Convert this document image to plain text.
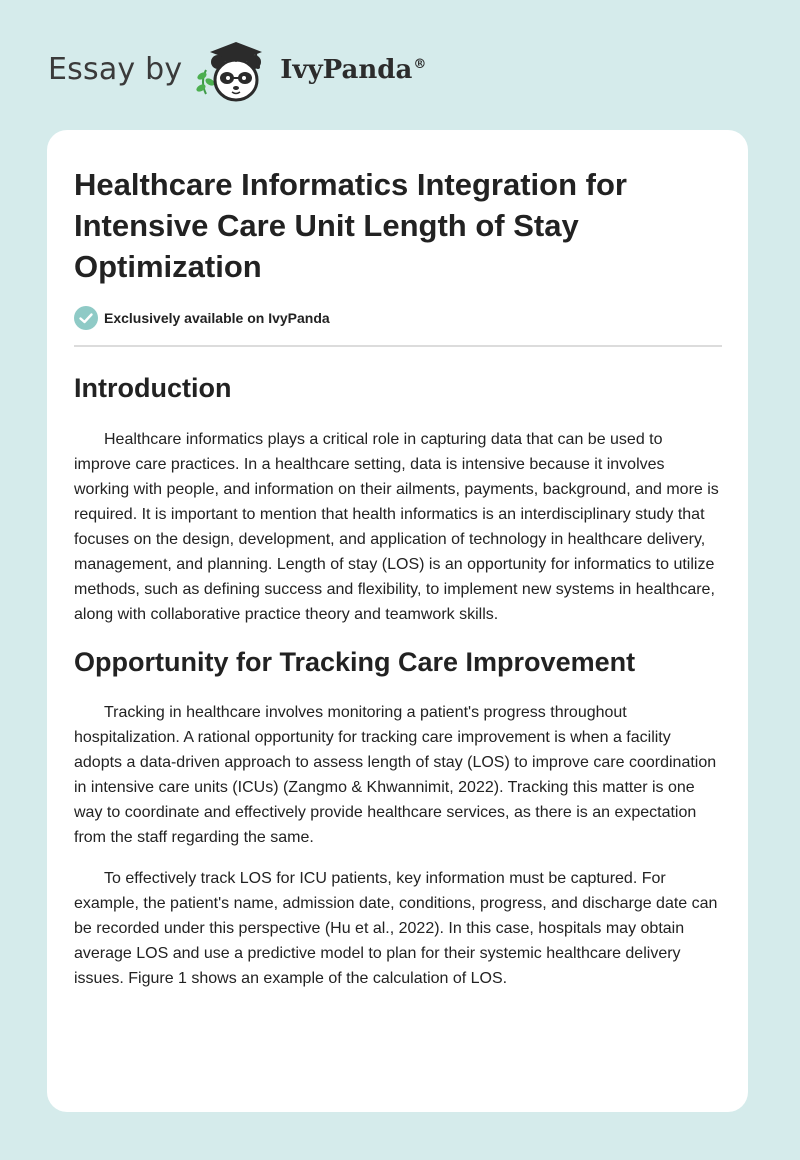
Essay by	IvyPanda®
Healthcare Informatics Integration for Intensive Care Unit Length of Stay Optimization
Exclusively available on IvyPanda
Introduction

Healthcare informatics plays a critical role in capturing data that can be used to improve care practices. In a healthcare setting, data is intensive because it involves working with people, and information on their ailments, payments, background, and more is required. It is important to mention that health informatics is an interdisciplinary study that focuses on the design, development, and application of technology in healthcare delivery, management, and planning. Length of stay (LOS) is an opportunity for informatics to utilize methods, such as defining success and flexibility, to implement new systems in healthcare, along with collaborative practice theory and teamwork skills.

Opportunity for Tracking Care Improvement

Tracking in healthcare involves monitoring a patient's progress throughout hospitalization. A rational opportunity for tracking care improvement is when a facility adopts a data-driven approach to assess length of stay (LOS) to improve care coordination in intensive care units (ICUs) (Zangmo & Khwannimit, 2022). Tracking this matter is one way to coordinate and effectively provide healthcare services, as there is an expectation from the staff regarding the same.

To effectively track LOS for ICU patients, key information must be captured. For example, the patient's name, admission date, conditions, progress, and discharge date can be recorded under this perspective (Hu et al., 2022). In this case, hospitals may obtain average LOS and use a predictive model to plan for their systemic healthcare delivery issues. Figure 1 shows an example of the calculation of LOS.
